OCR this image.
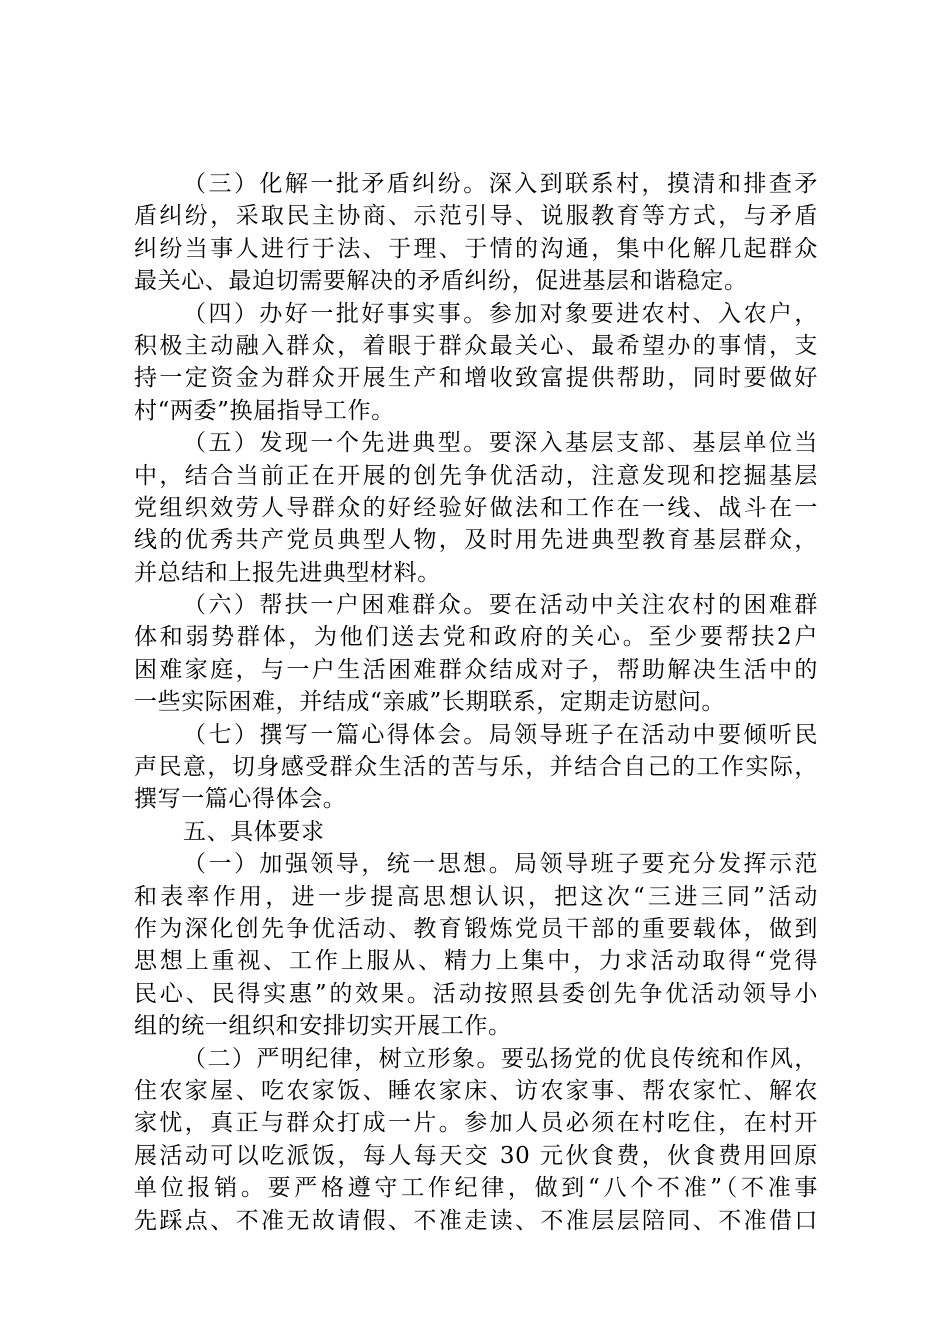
（三）化解一批矛盾纠纷。深入到联系村，摸清和排查矛
盾纠纷，采取民主协商、示范引导、说服教育等方式，与矛盾
纠纷当事人进行于法、于理、于情的沟通，集中化解几起群众
最关心、最迫切需要解决的矛盾纠纷，促进基层和谐稳定。
（四）办好一批好事实事。参加对象要进农村、入农户，
积极主动融入群众，着眼于群众最关心、最希望办的事情，支
持一定资金为群众开展生产和增收致富提供帮助，同时要做好
村“两委”换届指导工作。
（五）发现一个先进典型。要深入基层支部、基层单位当
中，结合当前正在开展的创先争优活动，注意发现和挖掘基层
党组织效劳人导群众的好经验好做法和工作在一线、战斗在一
线的优秀共产党员典型人物，及时用先进典型教育基层群众，
并总结和上报先进典型材料。
（六）帮扶一户困难群众。要在活动中关注农村的困难群
体和弱势群体，为他们送去党和政府的关心。至少要帮扶2户
困难家庭，与一户生活困难群众结成对子，帮助解决生活中的
一些实际困难，并结成“亲戚”长期联系，定期走访慰问。
（七）撰写一篇心得体会。局领导班子在活动中要倾听民
声民意，切身感受群众生活的苦与乐，并结合自己的工作实际，
撰写一篇心得体会。
五、具体要求
（一）加强领导，统一思想。局领导班子要充分发挥示范
和表率作用，进一步提高思想认识，把这次“三进三同”活动
作为深化创先争优活动、教育锻炼党员干部的重要载体，做到
思想上重视、工作上服从、精力上集中，力求活动取得“党得
民心、民得实惠”的效果。活动按照县委创先争优活动领导小
组的统一组织和安排切实开展工作。
（二）严明纪律，树立形象。要弘扬党的优良传统和作风，
住农家屋、吃农家饭、睡农家床、访农家事、帮农家忙、解农
家忧，真正与群众打成一片。参加人员必须在村吃住，在村开
展活动可以吃派饭，每人每天交 30 元伙食费，伙食费用回原
单位报销。要严格遵守工作纪律，做到“八个不准”（不准事
先踩点、不准无故请假、不准走读、不准层层陪同、不准借口
